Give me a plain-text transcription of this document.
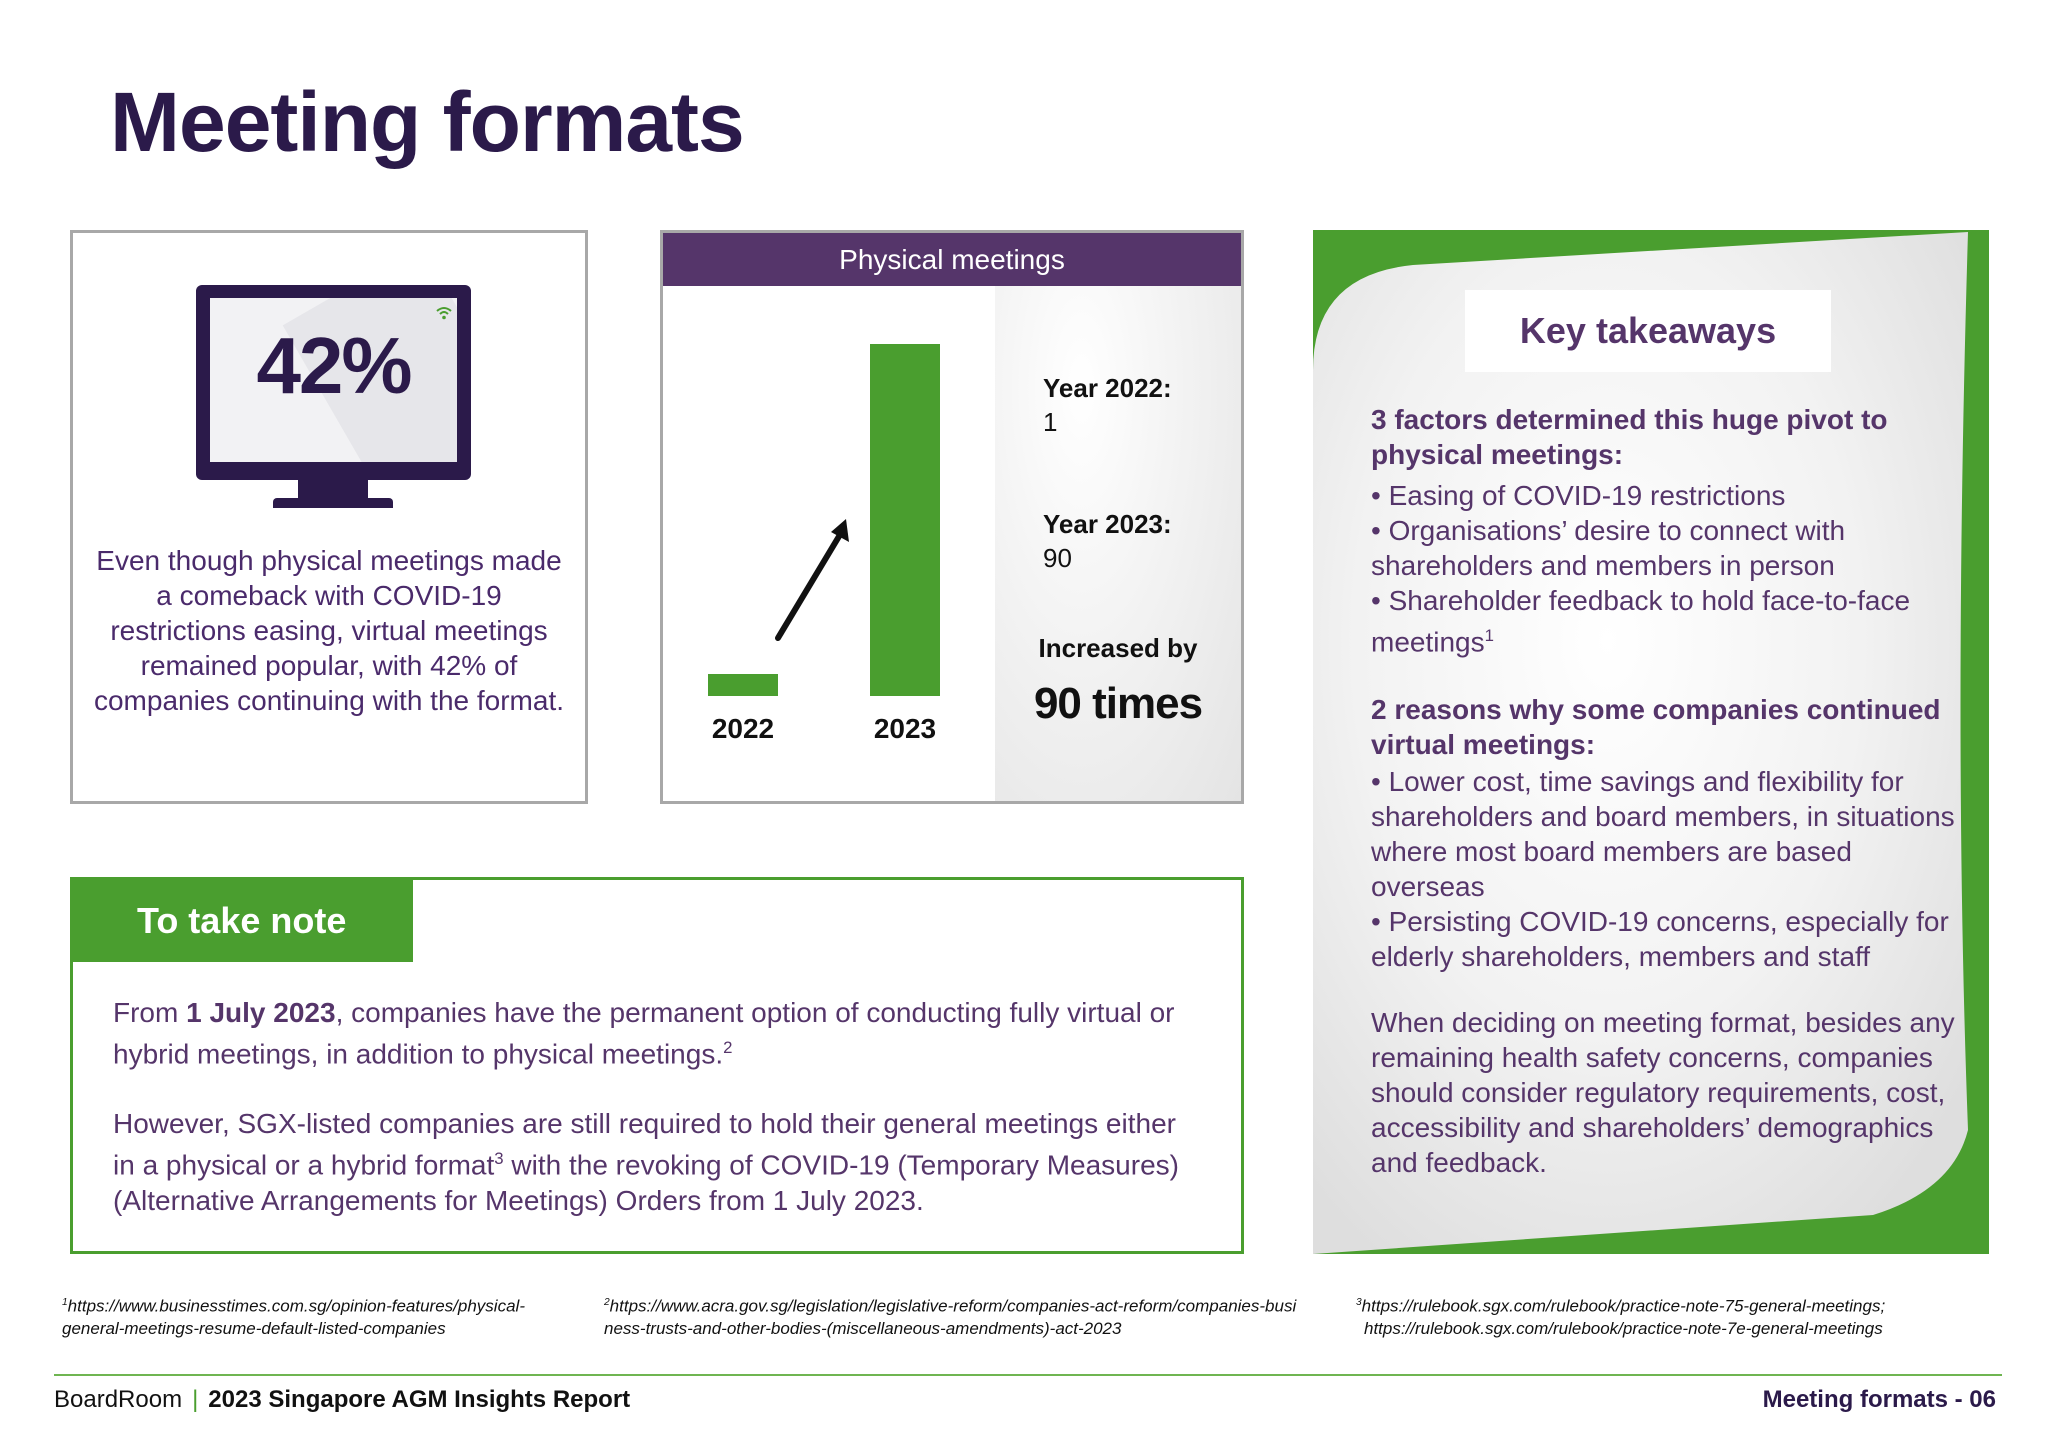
Meeting formats
42%
Even though physical meetings made a comeback with COVID-19 restrictions easing, virtual meetings remained popular, with 42% of companies continuing with the format.
Physical meetings
2022	2023
Year 2022:
1
Year 2023:
90
Increased by
90 times
Key takeaways

3 factors determined this huge pivot to physical meetings:

• Easing of COVID-19 restrictions

• Organisations’ desire to connect with shareholders and members in person

• Shareholder feedback to hold face-to-face meetings$^1$

2 reasons why some companies continued virtual meetings:

• Lower cost, time savings and flexibility for shareholders and board members, in situations where most board members are based overseas

• Persisting COVID-19 concerns, especially for elderly shareholders, members and staff

When deciding on meeting format, besides any remaining health safety concerns, companies should consider regulatory requirements, cost, accessibility and shareholders’ demographics and feedback.

To take note

From 1 July 2023, companies have the permanent option of conducting fully virtual or hybrid meetings, in addition to physical meetings.$^2$

However, SGX-listed companies are still required to hold their general meetings either in a physical or a hybrid format$^3$ with the revoking of COVID-19 (Temporary Measures) (Alternative Arrangements for Meetings) Orders from 1 July 2023.

$^1$https://www.businesstimes.com.sg/opinion-features/physical-general-meetings-resume-default-listed-companies
$^2$https://www.acra.gov.sg/legislation/legislative-reform/companies-act-reform/companies-business-trusts-and-other-bodies-(miscellaneous-amendments)-act-2023
$^3$https://rulebook.sgx.com/rulebook/practice-note-75-general-meetings;
https://rulebook.sgx.com/rulebook/practice-note-7e-general-meetings
BoardRoom | 2023 Singapore AGM Insights Report	Meeting formats - 06
